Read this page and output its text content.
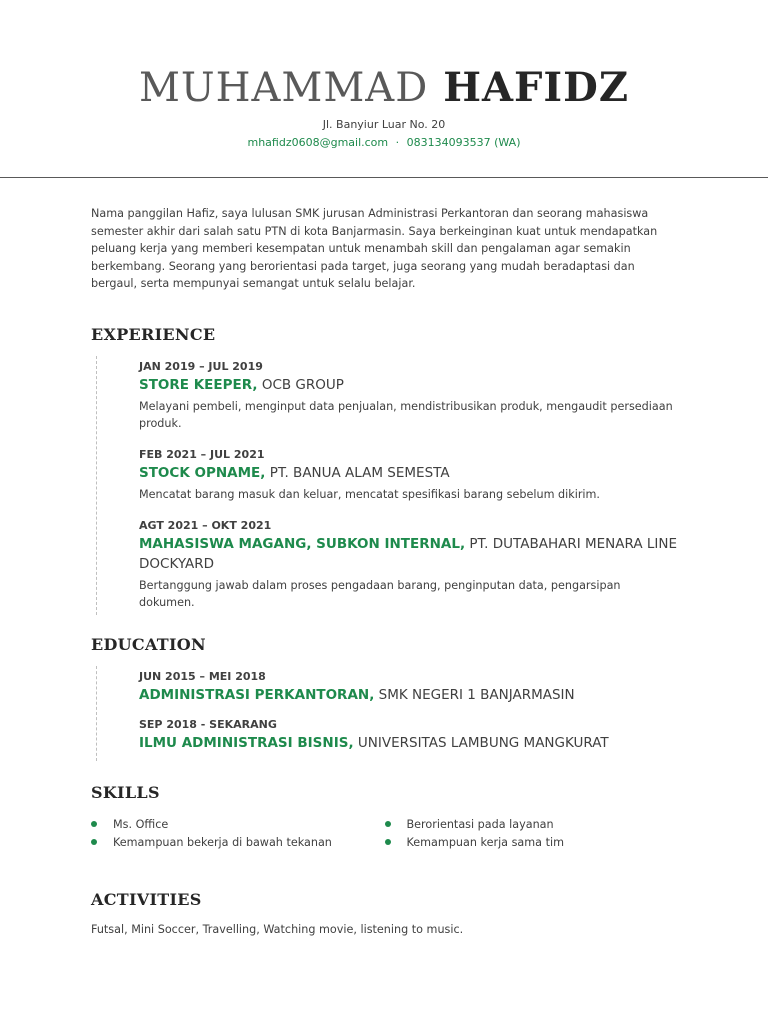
MUHAMMAD HAFIDZ
Jl. Banyiur Luar No. 20
mhafidz0608@gmail.com · 083134093537 (WA)

Nama panggilan Hafiz, saya lulusan SMK jurusan Administrasi Perkantoran dan seorang mahasiswa semester akhir dari salah satu PTN di kota Banjarmasin. Saya berkeinginan kuat untuk mendapatkan peluang kerja yang memberi kesempatan untuk menambah skill dan pengalaman agar semakin berkembang. Seorang yang berorientasi pada target, juga seorang yang mudah beradaptasi dan bergaul, serta mempunyai semangat untuk selalu belajar.

EXPERIENCE
JAN 2019 – JUL 2019
STORE KEEPER, OCB GROUP
Melayani pembeli, menginput data penjualan, mendistribusikan produk, mengaudit persediaan produk.
FEB 2021 – JUL 2021
STOCK OPNAME, PT. BANUA ALAM SEMESTA
Mencatat barang masuk dan keluar, mencatat spesifikasi barang sebelum dikirim.
AGT 2021 – OKT 2021
MAHASISWA MAGANG, SUBKON INTERNAL, PT. DUTABAHARI MENARA LINE DOCKYARD
Bertanggung jawab dalam proses pengadaan barang, penginputan data, pengarsipan dokumen.
EDUCATION
JUN 2015 – MEI 2018
ADMINISTRASI PERKANTORAN, SMK NEGERI 1 BANJARMASIN
SEP 2018 - SEKARANG
ILMU ADMINISTRASI BISNIS, UNIVERSITAS LAMBUNG MANGKURAT
SKILLS
Ms. Office
Kemampuan bekerja di bawah tekanan
Berorientasi pada layanan
Kemampuan kerja sama tim
ACTIVITIES
Futsal, Mini Soccer, Travelling, Watching movie, listening to music.
